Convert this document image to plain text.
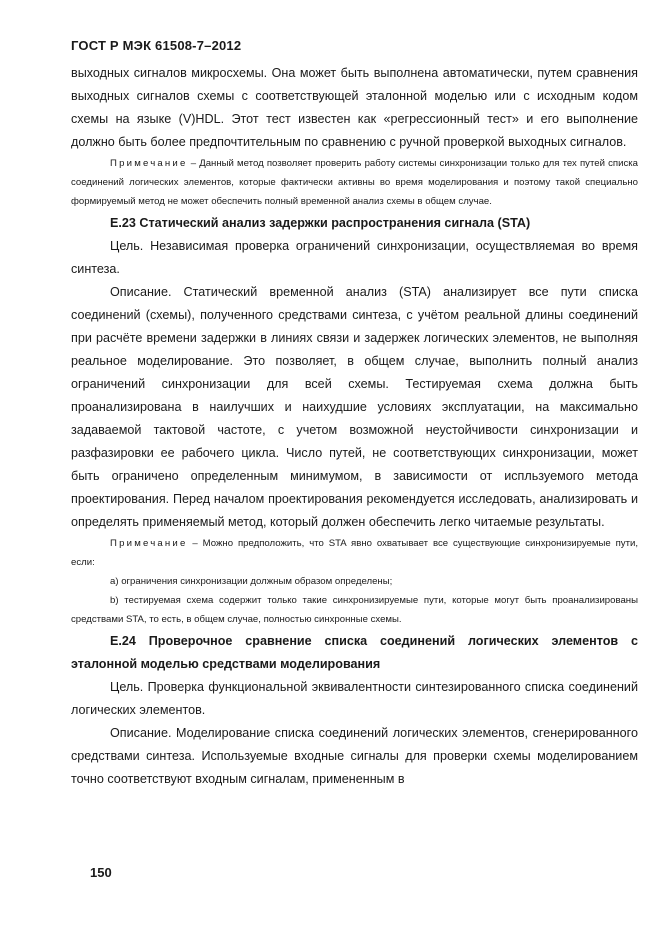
ГОСТ Р МЭК 61508-7–2012

выходных сигналов микросхемы. Она может быть выполнена автоматически, путем сравнения выходных сигналов схемы с соответствующей эталонной моделью или с исходным кодом схемы на языке (V)HDL. Этот тест известен как «регрессионный тест» и его выполнение должно быть более предпочтительным по сравнению с ручной проверкой выходных сигналов.

Примечание – Данный метод позволяет проверить работу системы синхронизации только для тех путей списка соединений логических элементов, которые фактически активны во время моделирования и поэтому такой специально формируемый метод не может обеспечить полный временной анализ схемы в общем случае.
Е.23 Статический анализ задержки распространения сигнала (STA)

Цель. Независимая проверка ограничений синхронизации, осуществляемая во время синтеза.

Описание. Статический временной анализ (STA) анализирует все пути списка соединений (схемы), полученного средствами синтеза, с учётом реальной длины соединений при расчёте времени задержки в линиях связи и задержек логических элементов, не выполняя реальное моделирование. Это позволяет, в общем случае, выполнить полный анализ ограничений синхронизации для всей схемы. Тестируемая схема должна быть проанализирована в наилучших и наихудшие условиях эксплуатации, на максимально задаваемой тактовой частоте, с учетом возможной неустойчивости синхронизации и разфазировки ее рабочего цикла. Число путей, не соответствующих синхронизации, может быть ограничено определенным минимумом, в зависимости от испльзуемого метода проектирования. Перед началом проектирования рекомендуется исследовать, анализировать и определять применяемый метод, который должен обеспечить легко читаемые результаты.

Примечание – Можно предположить, что STA явно охватывает все существующие синхронизируемые пути, если:
а) ограничения синхронизации должным образом определены;
b) тестируемая схема содержит только такие синхронизируемые пути, которые могут быть проанализированы средствами STA, то есть, в общем случае, полностью синхронные схемы.
Е.24 Проверочное сравнение списка соединений логических элементов с эталонной моделью средствами моделирования

Цель. Проверка функциональной эквивалентности синтезированного списка соединений логических элементов.

Описание. Моделирование списка соединений логических элементов, сгенерированного средствами синтеза. Используемые входные сигналы для проверки схемы моделированием точно соответствуют входным сигналам, примененным в

150
